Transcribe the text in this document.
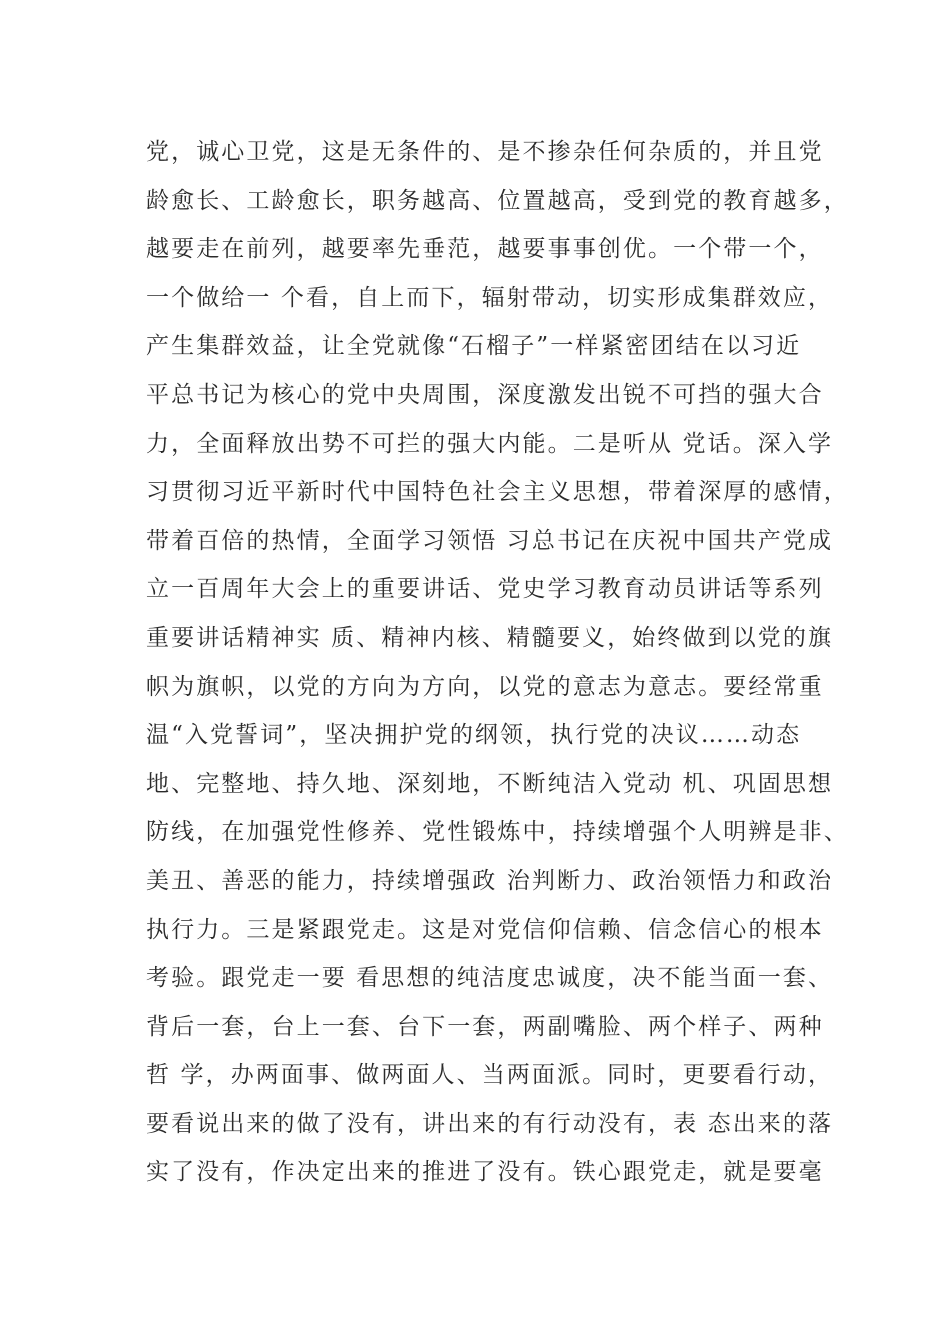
党，诚心卫党，这是无条件的、是不掺杂任何杂质的，并且党
龄愈长、工龄愈长，职务越高、位置越高，受到党的教育越多，
越要走在前列，越要率先垂范，越要事事创优。一个带一个，
一个做给一 个看，自上而下，辐射带动，切实形成集群效应，
产生集群效益，让全党就像“石榴子”一样紧密团结在以习近
平总书记为核心的党中央周围，深度激发出锐不可挡的强大合
力，全面释放出势不可拦的强大内能。二是听从 党话。深入学
习贯彻习近平新时代中国特色社会主义思想，带着深厚的感情，
带着百倍的热情，全面学习领悟 习总书记在庆祝中国共产党成
立一百周年大会上的重要讲话、党史学习教育动员讲话等系列
重要讲话精神实 质、精神内核、精髓要义，始终做到以党的旗
帜为旗帜，以党的方向为方向，以党的意志为意志。要经常重
温“入党誓词”，坚决拥护党的纲领，执行党的决议……动态
地、完整地、持久地、深刻地，不断纯洁入党动 机、巩固思想
防线，在加强党性修养、党性锻炼中，持续增强个人明辨是非、
美丑、善恶的能力，持续增强政 治判断力、政治领悟力和政治
执行力。三是紧跟党走。这是对党信仰信赖、信念信心的根本
考验。跟党走一要 看思想的纯洁度忠诚度，决不能当面一套、
背后一套，台上一套、台下一套，两副嘴脸、两个样子、两种
哲 学，办两面事、做两面人、当两面派。同时，更要看行动，
要看说出来的做了没有，讲出来的有行动没有，表 态出来的落
实了没有，作决定出来的推进了没有。铁心跟党走，就是要毫
